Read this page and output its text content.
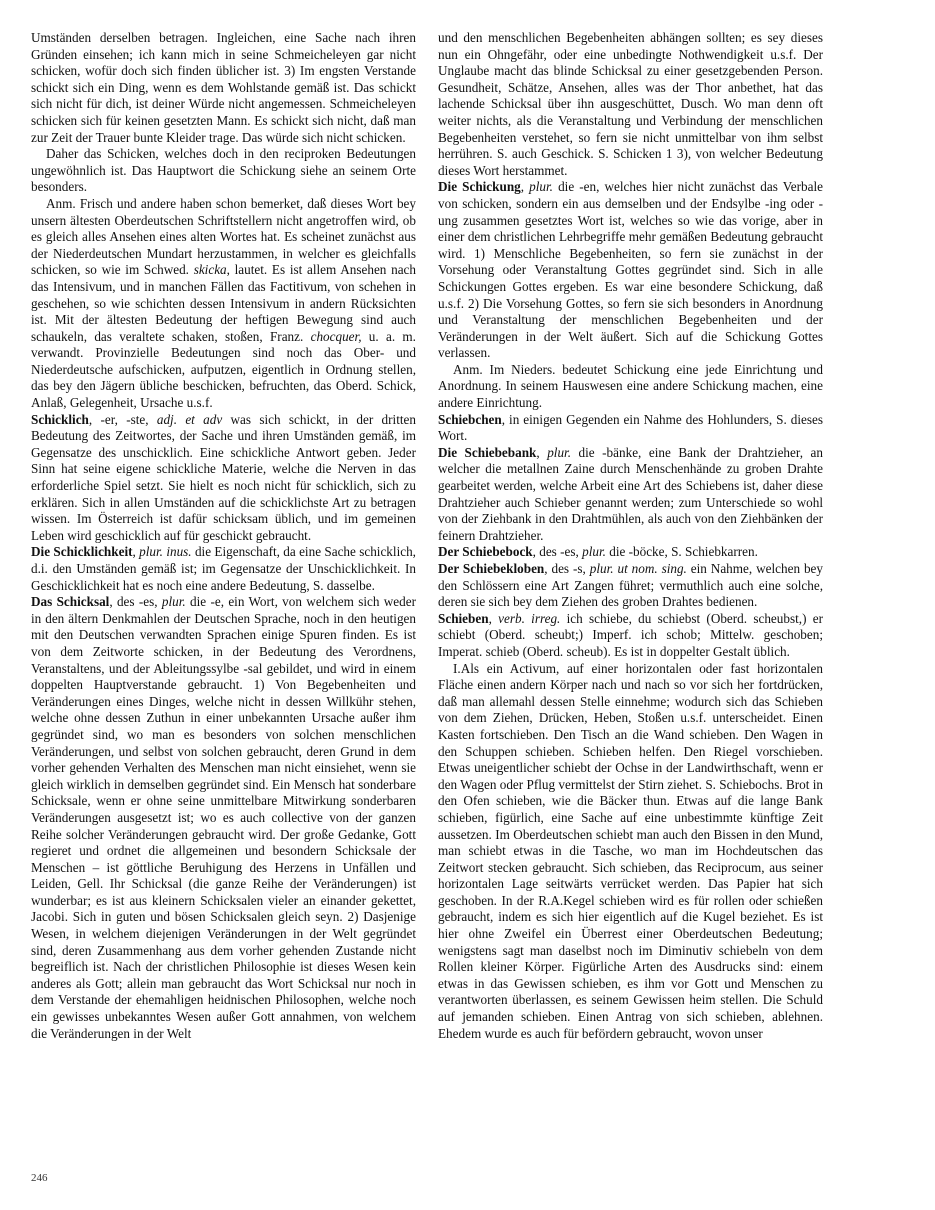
Umständen derselben betragen. Ingleichen, eine Sache nach ihren Gründen einsehen; ich kann mich in seine Schmeicheleyen gar nicht schicken, wofür doch sich finden üblicher ist. 3) Im engsten Verstande schickt sich ein Ding, wenn es dem Wohlstande gemäß ist. Das schickt sich nicht für dich, ist deiner Würde nicht angemessen. Schmeicheleyen schicken sich für keinen gesetzten Mann. Es schickt sich nicht, daß man zur Zeit der Trauer bunte Kleider trage. Das würde sich nicht schicken.

Daher das Schicken, welches doch in den reciproken Bedeutungen ungewöhnlich ist. Das Hauptwort die Schickung siehe an seinem Orte besonders.

Anm. Frisch und andere haben schon bemerket, daß dieses Wort bey unsern ältesten Oberdeutschen Schriftstellern nicht angetroffen wird, ob es gleich alles Ansehen eines alten Wortes hat. Es scheinet zunächst aus der Niederdeutschen Mundart herzustammen, in welcher es gleichfalls schicken, so wie im Schwed. skicka, lautet. Es ist allem Ansehen nach das Intensivum, und in manchen Fällen das Factitivum, von schehen in geschehen, so wie schichten dessen Intensivum in andern Rücksichten ist. Mit der ältesten Bedeutung der heftigen Bewegung sind auch schaukeln, das veraltete schaken, stoßen, Franz. chocquer, u. a. m. verwandt. Provinzielle Bedeutungen sind noch das Ober- und Niederdeutsche aufschicken, aufputzen, eigentlich in Ordnung stellen, das bey den Jägern übliche beschicken, befruchten, das Oberd. Schick, Anlaß, Gelegenheit, Ursache u.s.f.

Schicklich, -er, -ste, adj. et adv was sich schickt, in der dritten Bedeutung des Zeitwortes, der Sache und ihren Umständen gemäß, im Gegensatze des unschicklich. Eine schickliche Antwort geben. Jeder Sinn hat seine eigene schickliche Materie, welche die Nerven in das erforderliche Spiel setzt. Sie hielt es noch nicht für schicklich, sich zu erklären. Sich in allen Umständen auf die schicklichste Art zu betragen wissen. Im Österreich ist dafür schicksam üblich, und im gemeinen Leben wird geschicklich auf für geschickt gebraucht.

Die Schicklichkeit, plur. inus. die Eigenschaft, da eine Sache schicklich, d.i. den Umständen gemäß ist; im Gegensatze der Unschicklichkeit. In Geschicklichkeit hat es noch eine andere Bedeutung, S. dasselbe.

Das Schicksal, des -es, plur. die -e, ein Wort, von welchem sich weder in den ältern Denkmahlen der Deutschen Sprache, noch in den heutigen mit den Deutschen verwandten Sprachen einige Spuren finden. Es ist von dem Zeitworte schicken, in der Bedeutung des Verordnens, Veranstaltens, und der Ableitungssylbe -sal gebildet, und wird in einem doppelten Hauptverstande gebraucht. 1) Von Begebenheiten und Veränderungen eines Dinges, welche nicht in dessen Willkühr stehen, welche ohne dessen Zuthun in einer unbekannten Ursache außer ihm gegründet sind, wo man es besonders von solchen menschlichen Veränderungen, und selbst von solchen gebraucht, deren Grund in dem vorher gehenden Verhalten des Menschen man nicht einsiehet, wenn sie gleich wirklich in demselben gegründet sind. Ein Mensch hat sonderbare Schicksale, wenn er ohne seine unmittelbare Mitwirkung sonderbaren Veränderungen ausgesetzt ist; wo es auch collective von der ganzen Reihe solcher Veränderungen gebraucht wird. Der große Gedanke, Gott regieret und ordnet die allgemeinen und besondern Schicksale der Menschen – ist göttliche Beruhigung des Herzens in Unfällen und Leiden, Gell. Ihr Schicksal (die ganze Reihe der Veränderungen) ist wunderbar; es ist aus kleinern Schicksalen vieler an einander gekettet, Jacobi. Sich in guten und bösen Schicksalen gleich seyn. 2) Dasjenige Wesen, in welchem diejenigen Veränderungen in der Welt gegründet sind, deren Zusammenhang aus dem vorher gehenden Zustande nicht begreiflich ist. Nach der christlichen Philosophie ist dieses Wesen kein anderes als Gott; allein man gebraucht das Wort Schicksal nur noch in dem Verstande der ehemahligen heidnischen Philosophen, welche noch ein gewisses unbekanntes Wesen außer Gott annahmen, von welchem die Veränderungen in der Welt

und den menschlichen Begebenheiten abhängen sollten; es sey dieses nun ein Ohngefähr, oder eine unbedingte Nothwendigkeit u.s.f. Der Unglaube macht das blinde Schicksal zu einer gesetzgebenden Person. Gesundheit, Schätze, Ansehen, alles was der Thor anbethet, hat das lachende Schicksal über ihn ausgeschüttet, Dusch. Wo man denn oft weiter nichts, als die Veranstaltung und Verbindung der menschlichen Begebenheiten verstehet, so fern sie nicht unmittelbar von ihm selbst herrühren. S. auch Geschick. S. Schicken 1 3), von welcher Bedeutung dieses Wort herstammet.

Die Schickung, plur. die -en, welches hier nicht zunächst das Verbale von schicken, sondern ein aus demselben und der Endsylbe -ing oder -ung zusammen gesetztes Wort ist, welches so wie das vorige, aber in einer dem christlichen Lehrbegriffe mehr gemäßen Bedeutung gebraucht wird. 1) Menschliche Begebenheiten, so fern sie zunächst in der Vorsehung oder Veranstaltung Gottes gegründet sind. Sich in alle Schickungen Gottes ergeben. Es war eine besondere Schickung, daß u.s.f. 2) Die Vorsehung Gottes, so fern sie sich besonders in Anordnung und Veranstaltung der menschlichen Begebenheiten und der Veränderungen in der Welt äußert. Sich auf die Schickung Gottes verlassen.

Anm. Im Nieders. bedeutet Schickung eine jede Einrichtung und Anordnung. In seinem Hauswesen eine andere Schickung machen, eine andere Einrichtung.

Schiebchen, in einigen Gegenden ein Nahme des Hohlunders, S. dieses Wort.

Die Schiebebank, plur. die -bänke, eine Bank der Drahtzieher, an welcher die metallnen Zaine durch Menschenhände zu groben Drahte gearbeitet werden, welche Arbeit eine Art des Schiebens ist, daher diese Drahtzieher auch Schieber genannt werden; zum Unterschiede so wohl von der Ziehbank in den Drahtmühlen, als auch von den Ziehbänken der feinern Drahtzieher.

Der Schiebebock, des -es, plur. die -böcke, S. Schiebkarren.

Der Schiebekloben, des -s, plur. ut nom. sing. ein Nahme, welchen bey den Schlössern eine Art Zangen führet; vermuthlich auch eine solche, deren sie sich bey dem Ziehen des groben Drahtes bedienen.

Schieben, verb. irreg. ich schiebe, du schiebst (Oberd. scheubst,) er schiebt (Oberd. scheubt;) Imperf. ich schob; Mittelw. geschoben; Imperat. schieb (Oberd. scheub). Es ist in doppelter Gestalt üblich.

I.Als ein Activum, auf einer horizontalen oder fast horizontalen Fläche einen andern Körper nach und nach so vor sich her fortdrücken, daß man allemahl dessen Stelle einnehme; wodurch sich das Schieben von dem Ziehen, Drücken, Heben, Stoßen u.s.f. unterscheidet. Einen Kasten fortschieben. Den Tisch an die Wand schieben. Den Wagen in den Schuppen schieben. Schieben helfen. Den Riegel vorschieben. Etwas uneigentlicher schiebt der Ochse in der Landwirthschaft, wenn er den Wagen oder Pflug vermittelst der Stirn ziehet. S. Schiebochs. Brot in den Ofen schieben, wie die Bäcker thun. Etwas auf die lange Bank schieben, figürlich, eine Sache auf eine unbestimmte künftige Zeit aussetzen. Im Oberdeutschen schiebt man auch den Bissen in den Mund, man schiebt etwas in die Tasche, wo man im Hochdeutschen das Zeitwort stecken gebraucht. Sich schieben, das Reciprocum, aus seiner horizontalen Lage seitwärts verrücket werden. Das Papier hat sich geschoben. In der R.A.Kegel schieben wird es für rollen oder schießen gebraucht, indem es sich hier eigentlich auf die Kugel beziehet. Es ist hier ohne Zweifel ein Überrest einer Oberdeutschen Bedeutung; wenigstens sagt man daselbst noch im Diminutiv schiebeln von dem Rollen kleiner Körper. Figürliche Arten des Ausdrucks sind: einem etwas in das Gewissen schieben, es ihm vor Gott und Menschen zu verantworten überlassen, es seinem Gewissen heim stellen. Die Schuld auf jemanden schieben. Einen Antrag von sich schieben, ablehnen. Ehedem wurde es auch für befördern gebraucht, wovon unser

246
